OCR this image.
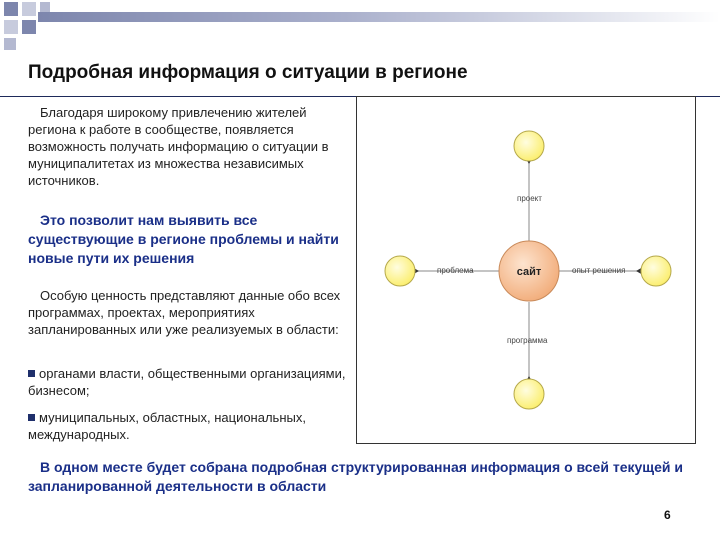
Подробная информация о ситуации в регионе
Благодаря широкому привлечению жителей региона к работе в сообществе, появляется возможность получать информацию о ситуации в муниципалитетах из множества независимых источников.
Это позволит нам выявить все существующие в регионе проблемы и найти новые пути их решения
Особую ценность представляют данные обо всех программах, проектах, мероприятиях запланированных или уже реализуемых в области:
органами власти, общественными организациями, бизнесом;
муниципальных, областных, национальных, международных.
сайт
проект
проблема	опыт решения
программа
В одном месте будет собрана подробная структурированная информация о всей текущей и запланированной деятельности в области
6
